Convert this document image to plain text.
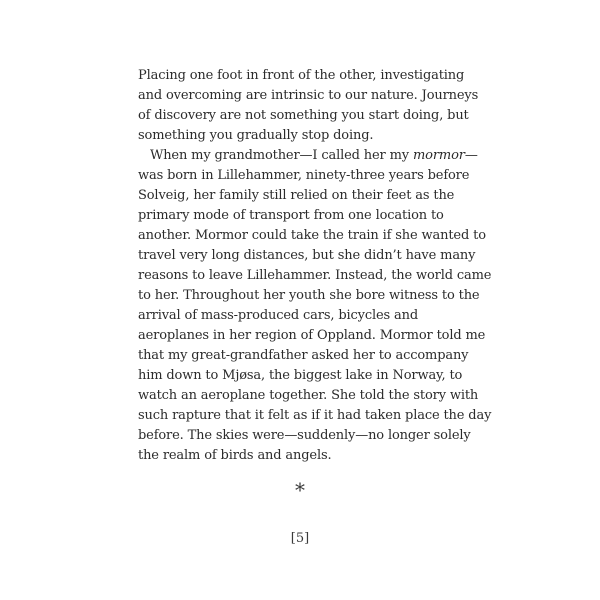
Placing one foot in front of the other, investigating
and overcoming are intrinsic to our nature. Journeys
of discovery are not something you start doing, but
something you gradually stop doing.
When my grandmother—I called her my mormor—
was born in Lillehammer, ninety-three years before
Solveig, her family still relied on their feet as the
primary mode of transport from one location to
another. Mormor could take the train if she wanted to
travel very long distances, but she didn’t have many
reasons to leave Lillehammer. Instead, the world came
to her. Throughout her youth she bore witness to the
arrival of mass-produced cars, bicycles and
aeroplanes in her region of Oppland. Mormor told me
that my great-grandfather asked her to accompany
him down to Mjøsa, the biggest lake in Norway, to
watch an aeroplane together. She told the story with
such rapture that it felt as if it had taken place the day
before. The skies were—suddenly—no longer solely
the realm of birds and angels.
*
[5]
